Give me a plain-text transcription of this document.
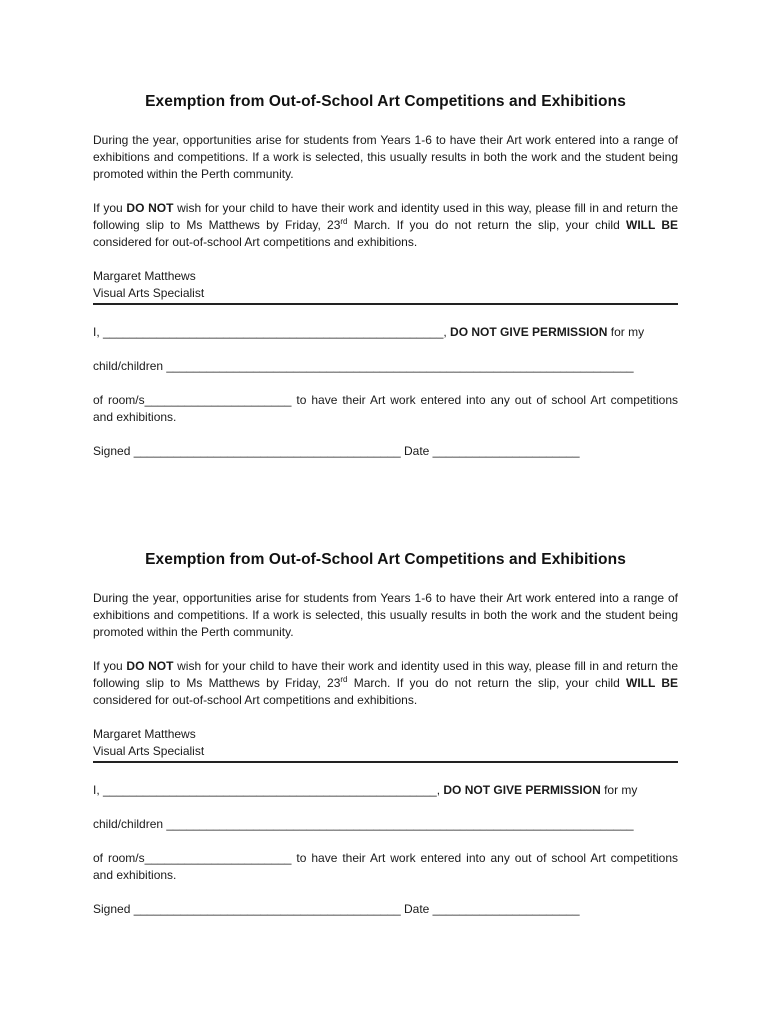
Exemption from Out-of-School Art Competitions and Exhibitions

During the year, opportunities arise for students from Years 1-6 to have their Art work entered into a range of exhibitions and competitions. If a work is selected, this usually results in both the work and the student being promoted within the Perth community.

If you DO NOT wish for your child to have their work and identity used in this way, please fill in and return the following slip to Ms Matthews by Friday, 23rd March. If you do not return the slip, your child WILL BE considered for out-of-school Art competitions and exhibitions.

Margaret Matthews
Visual Arts Specialist

I, ___________________________________________________, DO NOT GIVE PERMISSION for my

child/children ______________________________________________________________________

of room/s______________________ to have their Art work entered into any out of school Art competitions and exhibitions.

Signed ________________________________________ Date ______________________

Exemption from Out-of-School Art Competitions and Exhibitions

During the year, opportunities arise for students from Years 1-6 to have their Art work entered into a range of exhibitions and competitions. If a work is selected, this usually results in both the work and the student being promoted within the Perth community.

If you DO NOT wish for your child to have their work and identity used in this way, please fill in and return the following slip to Ms Matthews by Friday, 23rd March. If you do not return the slip, your child WILL BE considered for out-of-school Art competitions and exhibitions.

Margaret Matthews
Visual Arts Specialist

I, __________________________________________________, DO NOT GIVE PERMISSION for my

child/children ______________________________________________________________________

of room/s______________________ to have their Art work entered into any out of school Art competitions and exhibitions.

Signed ________________________________________ Date ______________________
